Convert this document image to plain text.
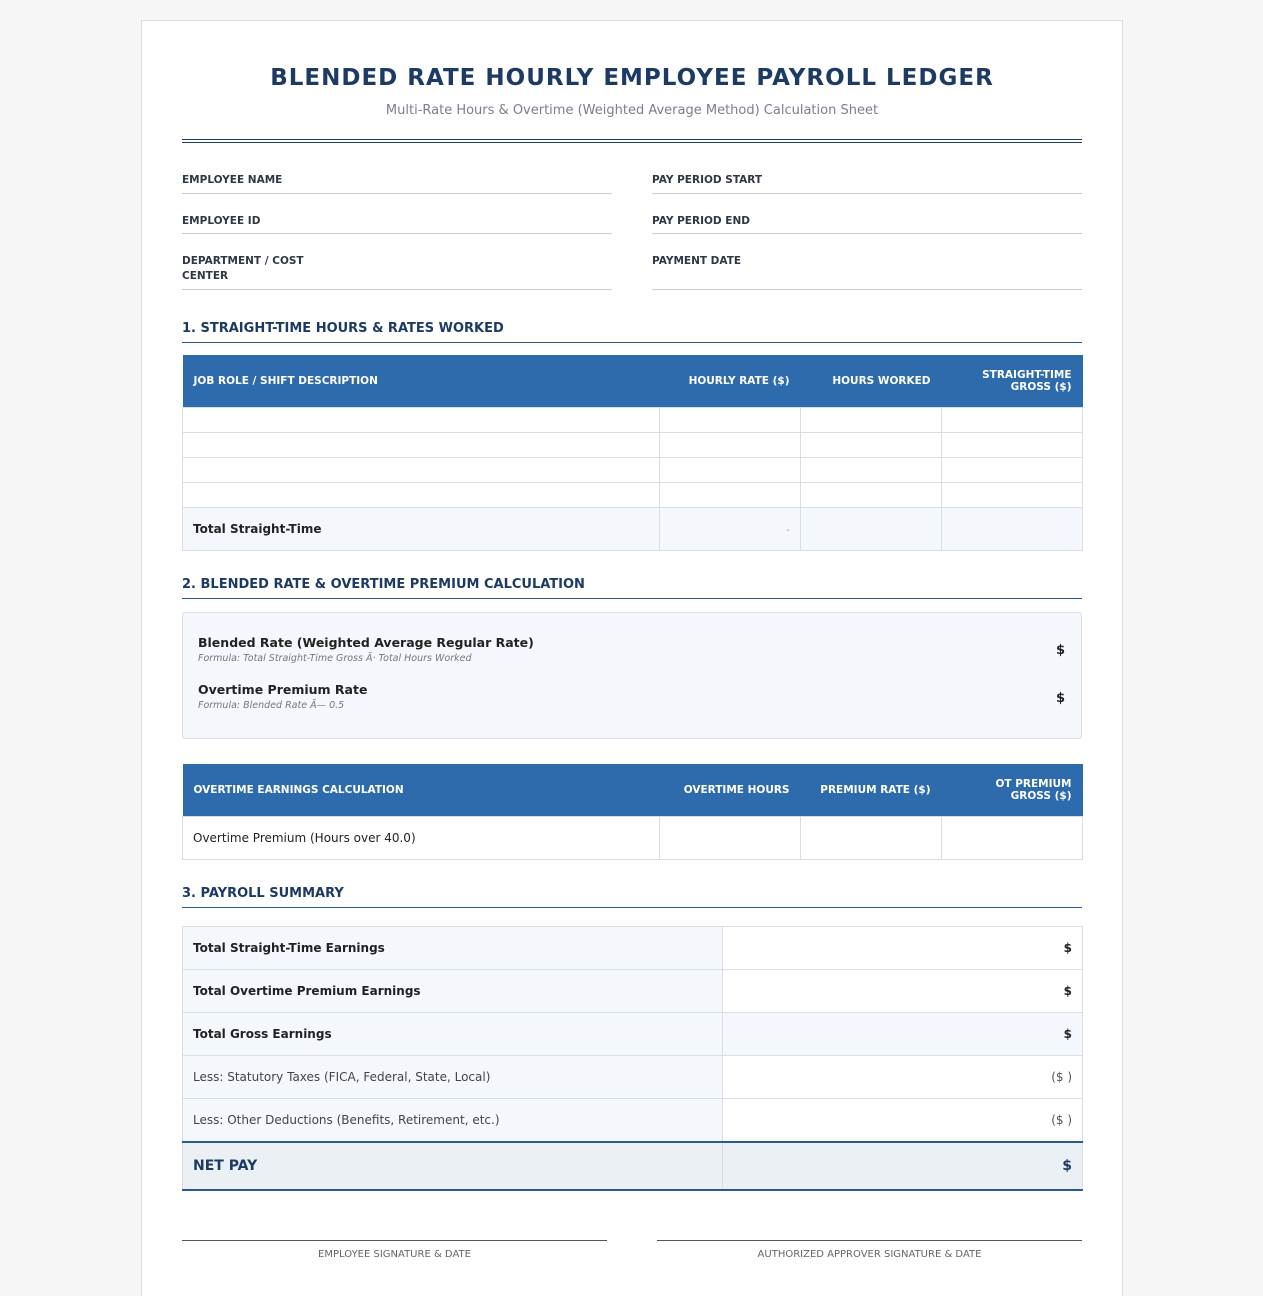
BLENDED RATE HOURLY EMPLOYEE PAYROLL LEDGER
Multi-Rate Hours & Overtime (Weighted Average Method) Calculation Sheet
EMPLOYEE NAME
EMPLOYEE ID
DEPARTMENT / COST
CENTER
PAY PERIOD START
PAY PERIOD END
PAYMENT DATE
1. STRAIGHT-TIME HOURS & RATES WORKED
JOB ROLE / SHIFT DESCRIPTION	HOURLY RATE ($)	HOURS WORKED	STRAIGHT-TIME GROSS ($)

Total Straight-Time	-		
2. BLENDED RATE & OVERTIME PREMIUM CALCULATION
Blended Rate (Weighted Average Regular Rate)
Formula: Total Straight-Time Gross Ã· Total Hours Worked
$
Overtime Premium Rate
Formula: Blended Rate Ã— 0.5	$
OVERTIME EARNINGS CALCULATION	OVERTIME HOURS	PREMIUM RATE ($)	OT PREMIUM GROSS ($)
Overtime Premium (Hours over 40.0)			
3. PAYROLL SUMMARY
Total Straight-Time Earnings	$
Total Overtime Premium Earnings	$
Total Gross Earnings	$
Less: Statutory Taxes (FICA, Federal, State, Local)	($ )
Less: Other Deductions (Benefits, Retirement, etc.)	($ )
NET PAY	$
EMPLOYEE SIGNATURE & DATE	AUTHORIZED APPROVER SIGNATURE & DATE
